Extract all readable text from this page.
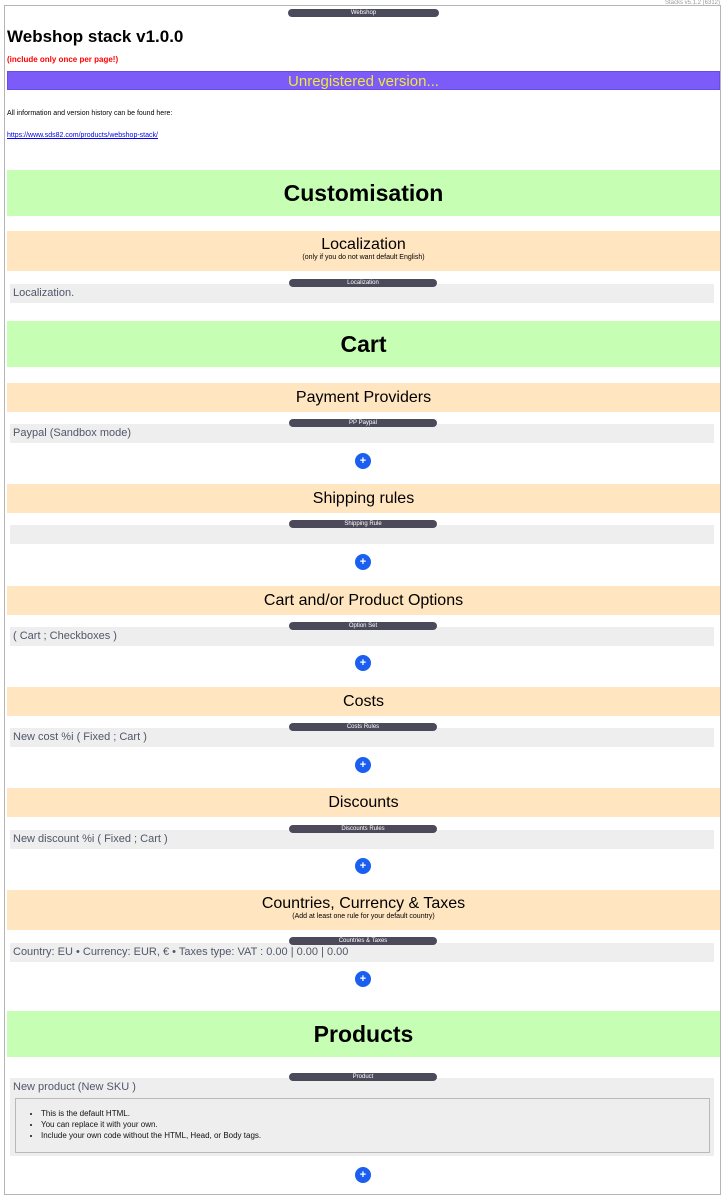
Stacks v5.1.2 (6312)
Webshop
Webshop stack v1.0.0
(include only once per page!)
Unregistered version...
All information and version history can be found here:
https://www.sds82.com/products/webshop-stack/
Customisation
Localization
(only if you do not want default English)
Localization.
Localization
Cart
Payment Providers
Paypal (Sandbox mode)
PP Paypal
+
Shipping rules
Shipping Rule
+
Cart and/or Product Options
( Cart ; Checkboxes )
Option Set
+
Costs
New cost %i ( Fixed ; Cart )
Costs Rules
+
Discounts
New discount %i ( Fixed ; Cart )
Discounts Rules
+
Countries, Currency & Taxes
(Add at least one rule for your default country)
Country: EU • Currency: EUR, € • Taxes type: VAT : 0.00 | 0.00 | 0.00
Countries & Taxes
+
Products
New product (New SKU )
• This is the default HTML.
• You can replace it with your own.
• Include your own code without the HTML, Head, or Body tags.
Product
+
